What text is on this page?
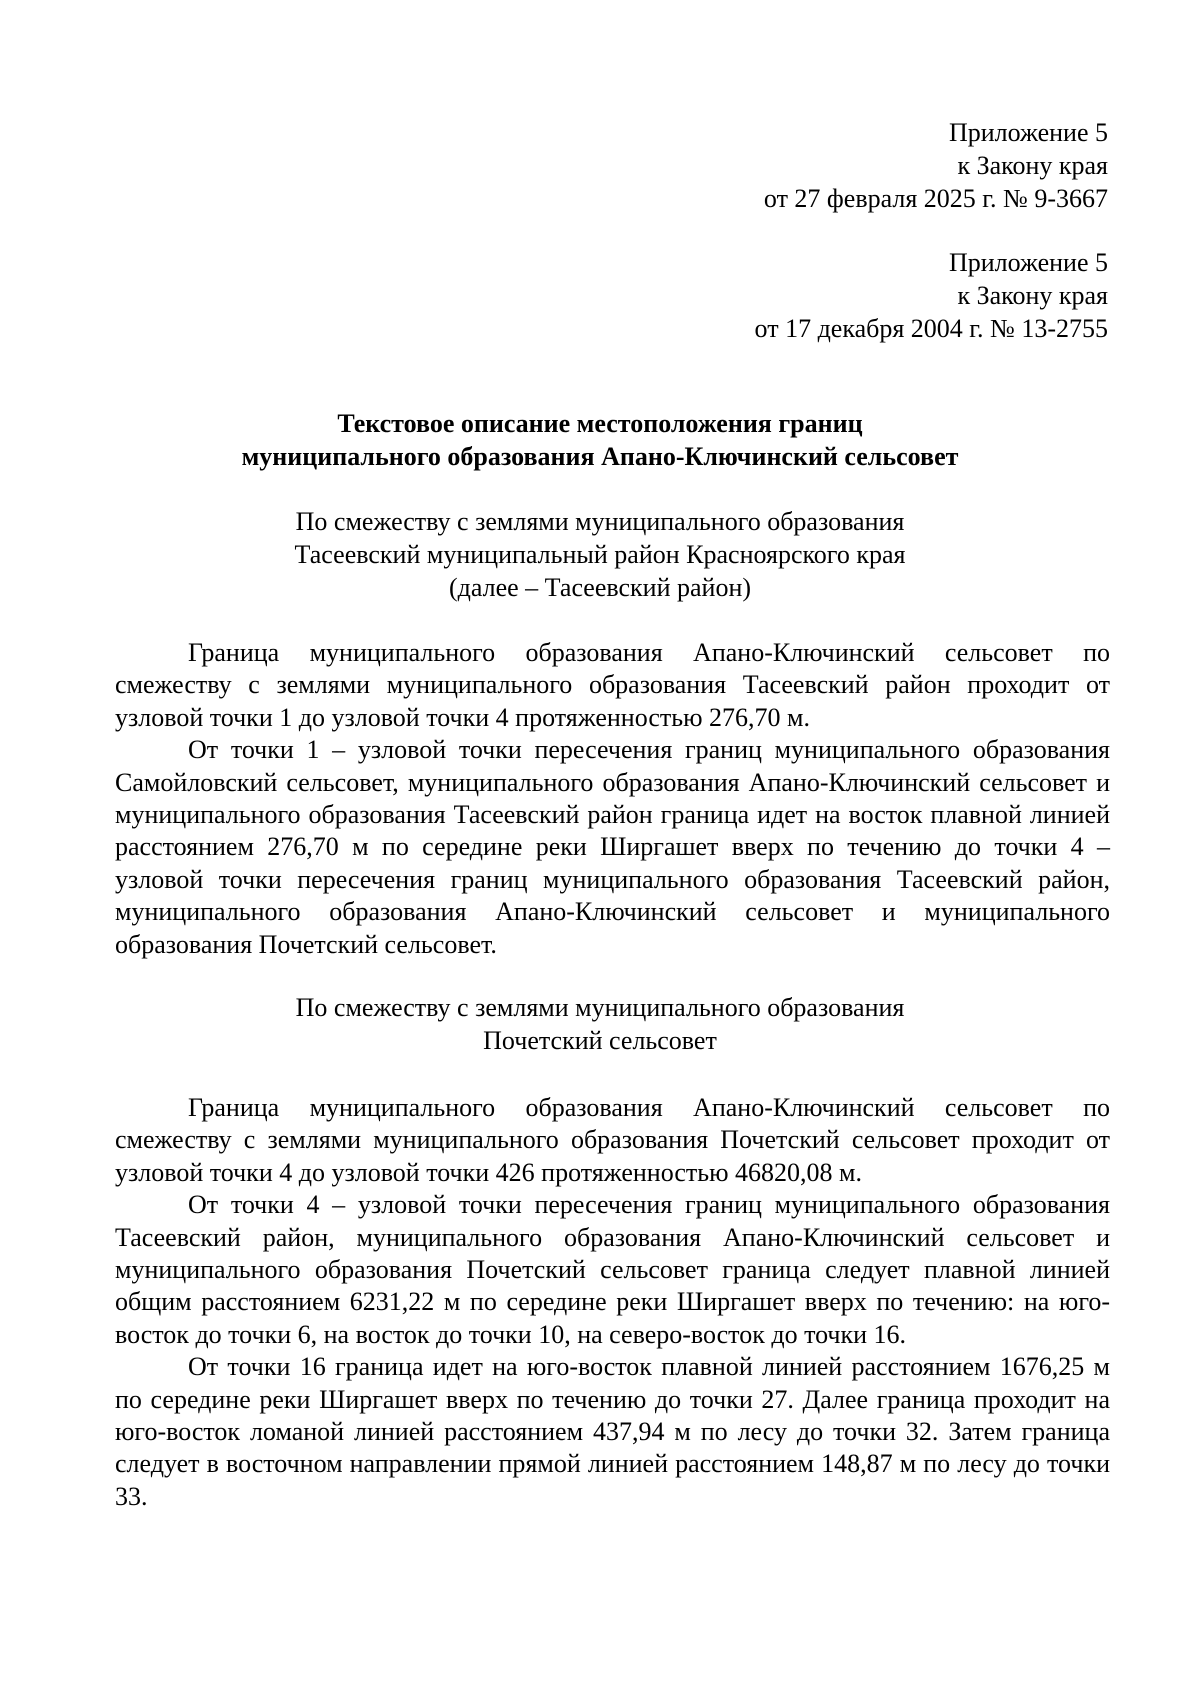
Приложение 5
к Закону края
от 27 февраля 2025 г. № 9-3667
Приложение 5
к Закону края
от 17 декабря 2004 г. № 13-2755
Текстовое описание местоположения границ
муниципального образования Апано-Ключинский сельсовет
По смежеству с землями муниципального образования
Тасеевский муниципальный район Красноярского края
(далее – Тасеевский район)

Граница муниципального образования Апано-Ключинский сельсовет по смежеству с землями муниципального образования Тасеевский район проходит от узловой точки 1 до узловой точки 4 протяженностью 276,70 м.

От точки 1 – узловой точки пересечения границ муниципального образования Самойловский сельсовет, муниципального образования Апано-Ключинский сельсовет и муниципального образования Тасеевский район граница идет на восток плавной линией расстоянием 276,70 м по середине реки Ширгашет вверх по течению до точки 4 – узловой точки пересечения границ муниципального образования Тасеевский район, муниципального образования Апано-Ключинский сельсовет и муниципального образования Почетский сельсовет.

По смежеству с землями муниципального образования
Почетский сельсовет

Граница муниципального образования Апано-Ключинский сельсовет по смежеству с землями муниципального образования Почетский сельсовет проходит от узловой точки 4 до узловой точки 426 протяженностью 46820,08 м.

От точки 4 – узловой точки пересечения границ муниципального образования Тасеевский район, муниципального образования Апано-Ключинский сельсовет и муниципального образования Почетский сельсовет граница следует плавной линией общим расстоянием 6231,22 м по середине реки Ширгашет вверх по течению: на юго-восток до точки 6, на восток до точки 10, на северо-восток до точки 16.

От точки 16 граница идет на юго-восток плавной линией расстоянием 1676,25 м по середине реки Ширгашет вверх по течению до точки 27. Далее граница проходит на юго-восток ломаной линией расстоянием 437,94 м по лесу до точки 32. Затем граница следует в восточном направлении прямой линией расстоянием 148,87 м по лесу до точки 33.
